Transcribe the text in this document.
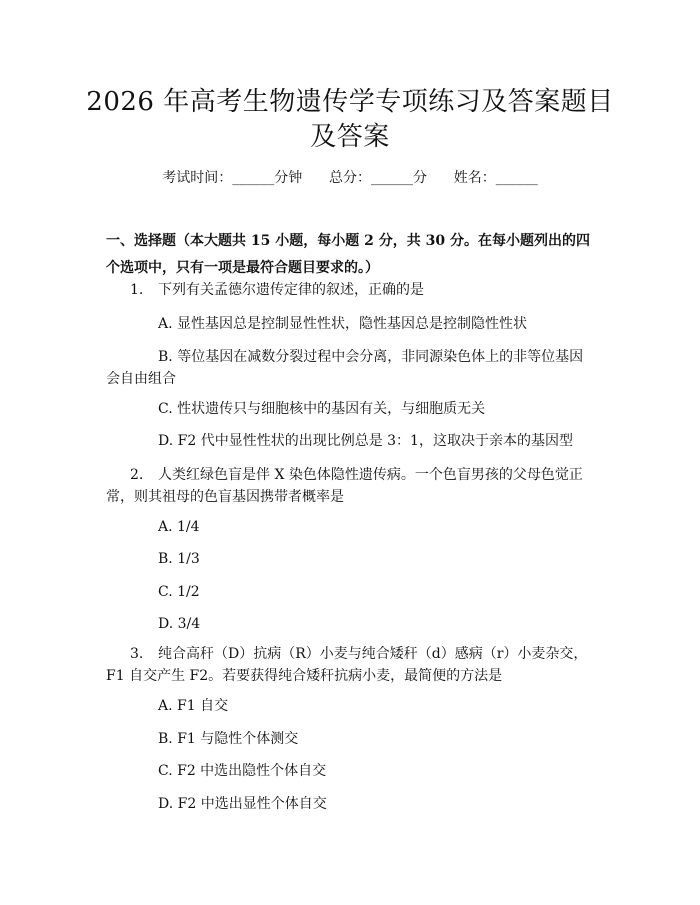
2026 年高考生物遗传学专项练习及答案题目
及答案
考试时间：______分钟      总分：______分      姓名：______
一、选择题（本大题共 15 小题，每小题 2 分，共 30 分。在每小题列出的四个选项中，只有一项是最符合题目要求的。）
1. 下列有关孟德尔遗传定律的叙述，正确的是
A. 显性基因总是控制显性性状，隐性基因总是控制隐性性状
B. 等位基因在减数分裂过程中会分离，非同源染色体上的非等位基因会自由组合
C. 性状遗传只与细胞核中的基因有关，与细胞质无关
D. F2 代中显性性状的出现比例总是 3：1，这取决于亲本的基因型
2. 人类红绿色盲是伴 X 染色体隐性遗传病。一个色盲男孩的父母色觉正常，则其祖母的色盲基因携带者概率是
A. 1/4
B. 1/3
C. 1/2
D. 3/4
3. 纯合高秆（D）抗病（R）小麦与纯合矮秆（d）感病（r）小麦杂交，F1 自交产生 F2。若要获得纯合矮秆抗病小麦，最简便的方法是
A. F1 自交
B. F1 与隐性个体测交
C. F2 中选出隐性个体自交
D. F2 中选出显性个体自交
